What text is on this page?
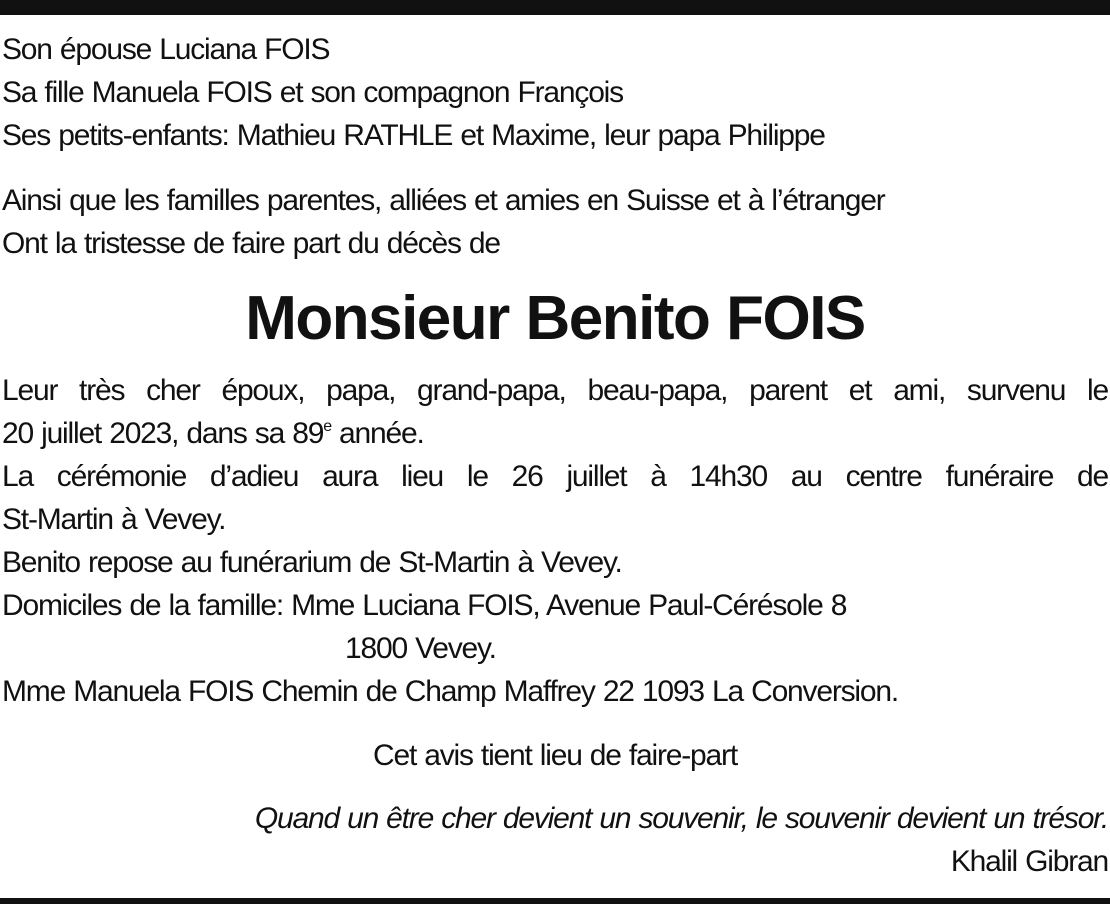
Son épouse Luciana FOIS
Sa fille Manuela FOIS et son compagnon François
Ses petits-enfants: Mathieu RATHLE et Maxime, leur papa Philippe
Ainsi que les familles parentes, alliées et amies en Suisse et à l’étranger
Ont la tristesse de faire part du décès de
Monsieur Benito FOIS
Leur très cher époux, papa, grand-papa, beau-papa, parent et ami, survenu le
20 juillet 2023, dans sa 89e année.
La cérémonie d’adieu aura lieu le 26 juillet à 14h30 au centre funéraire de
St-Martin à Vevey.
Benito repose au funérarium de St-Martin à Vevey.
Domiciles de la famille: Mme Luciana FOIS, Avenue Paul-Cérésole 8
1800 Vevey.
Mme Manuela FOIS Chemin de Champ Maffrey 22 1093 La Conversion.
Cet avis tient lieu de faire-part
Quand un être cher devient un souvenir, le souvenir devient un trésor.
Khalil Gibran
